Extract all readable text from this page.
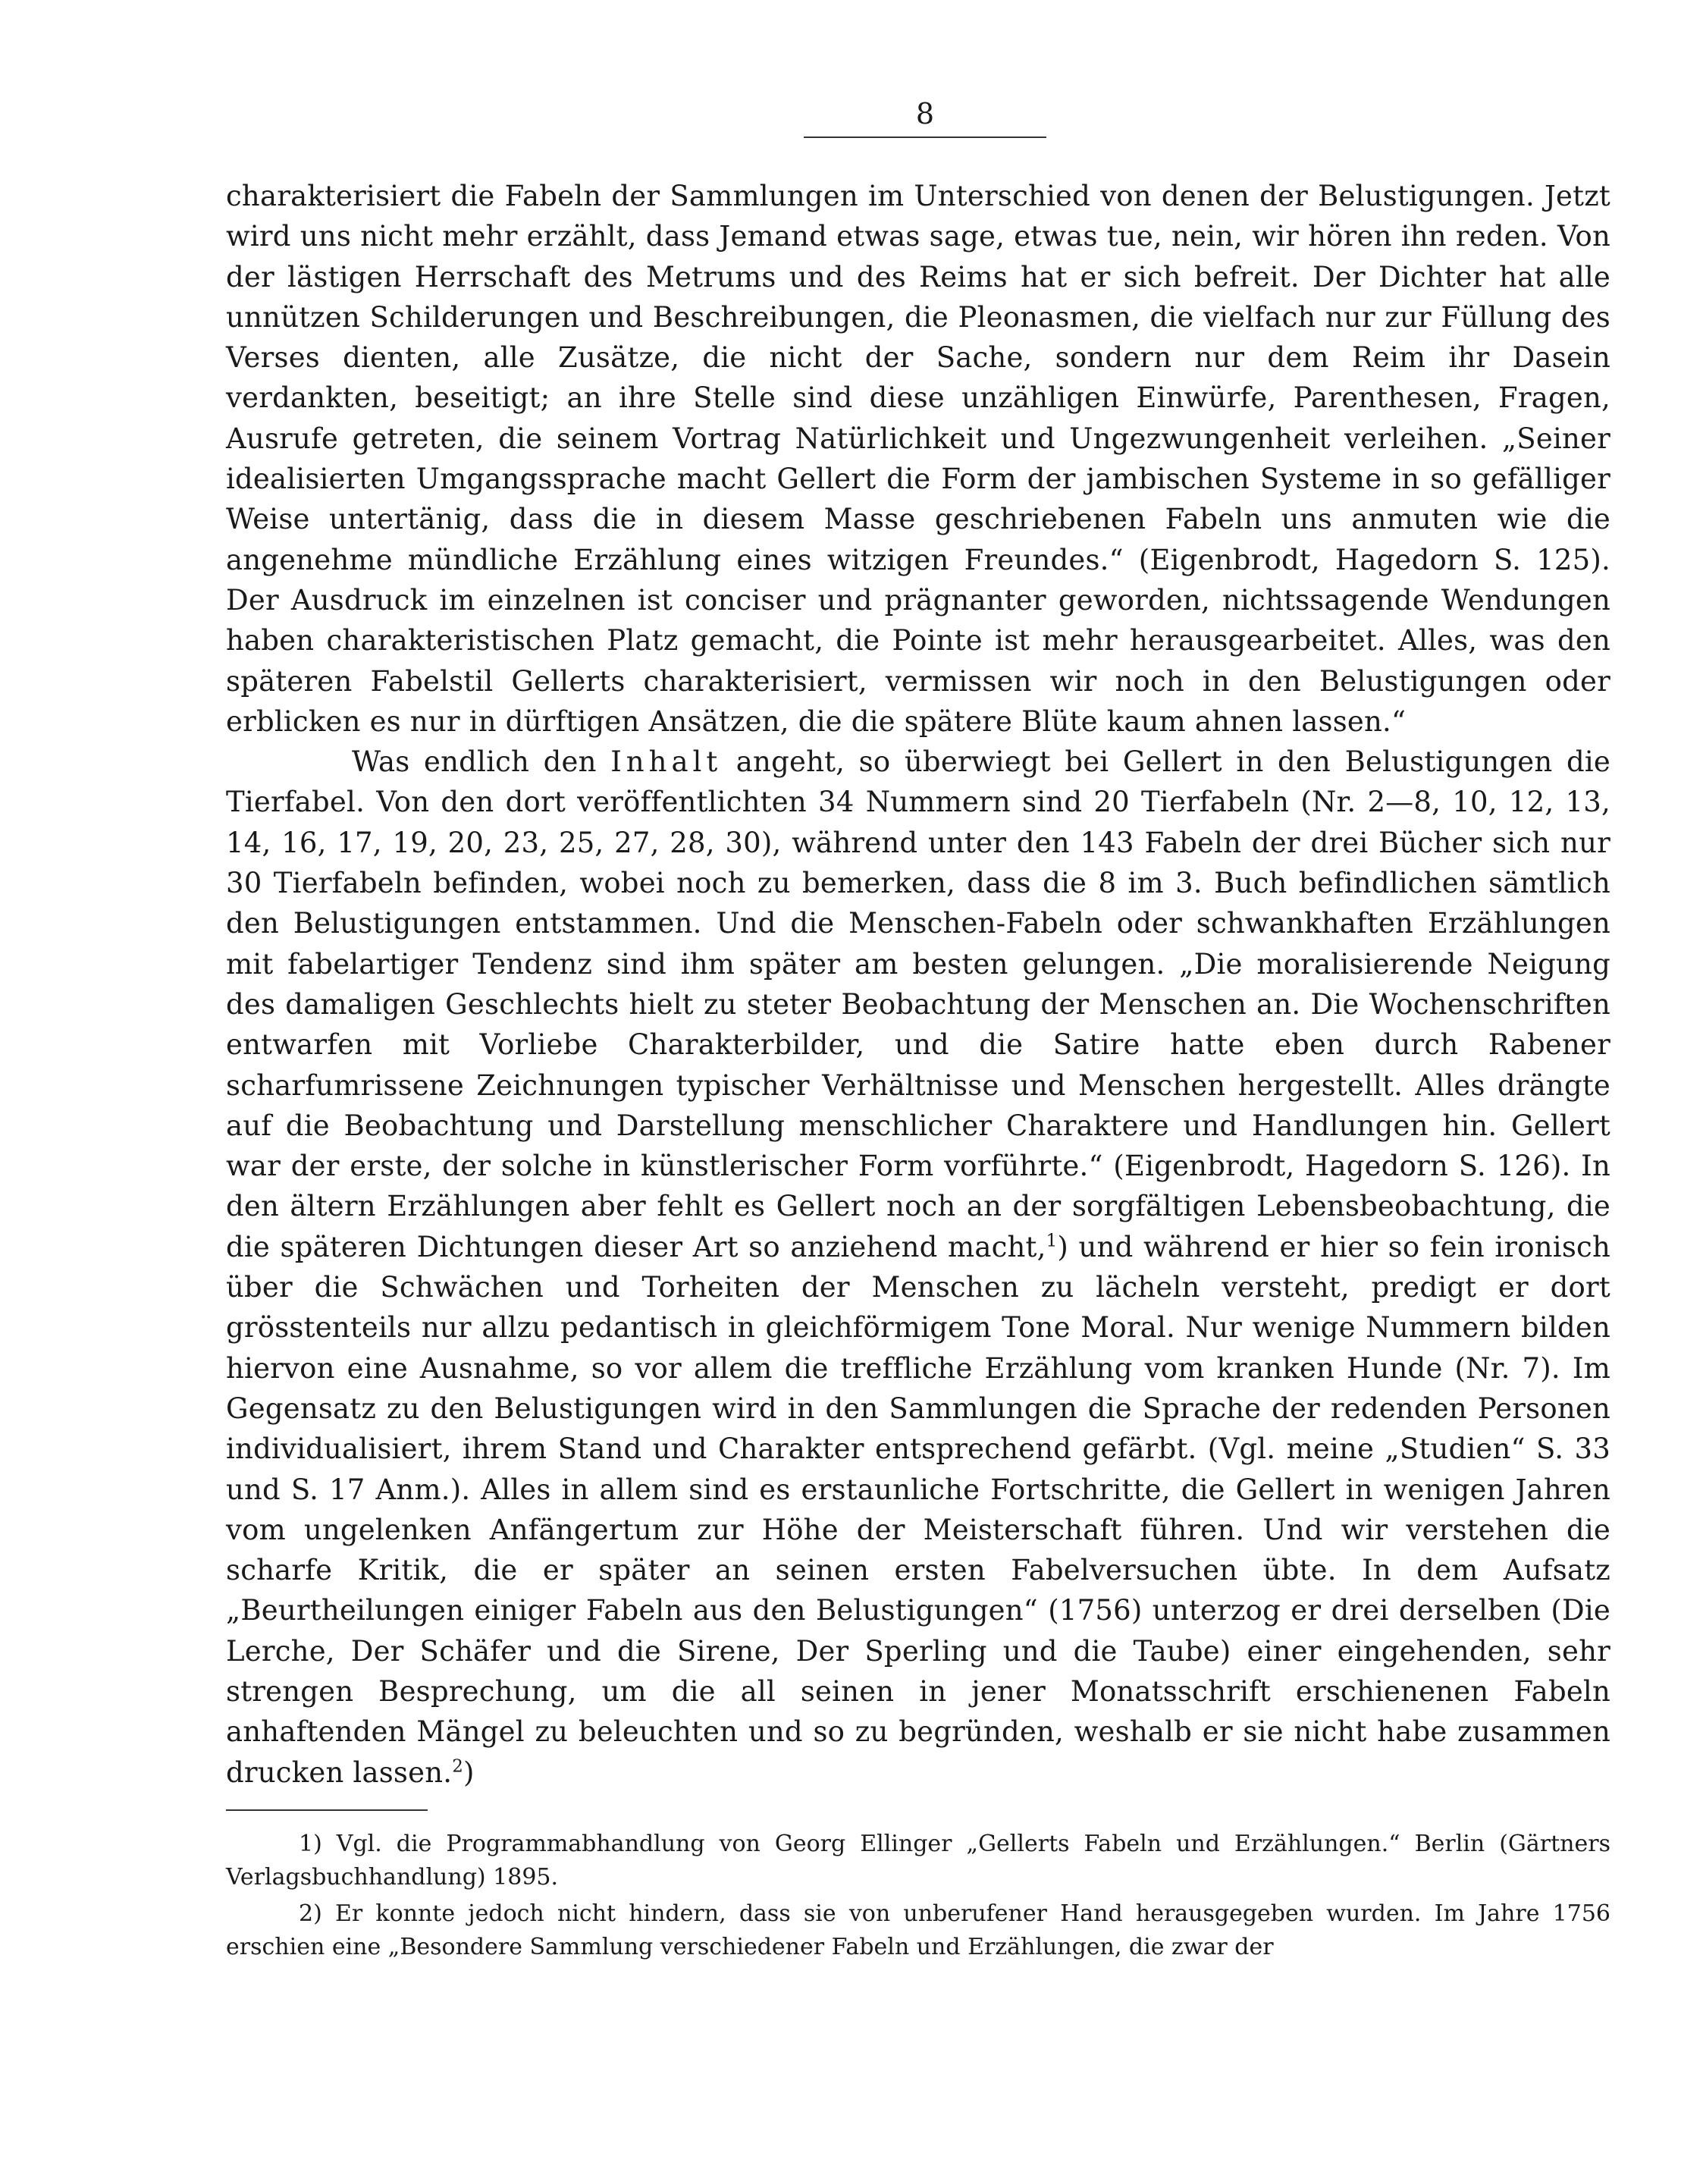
8

charakterisiert die Fabeln der Sammlungen im Unterschied von denen der Belustigungen. Jetzt wird uns nicht mehr erzählt, dass Jemand etwas sage, etwas tue, nein, wir hören ihn reden. Von der lästigen Herrschaft des Metrums und des Reims hat er sich befreit. Der Dichter hat alle unnützen Schilderungen und Beschreibungen, die Pleonasmen, die vielfach nur zur Füllung des Verses dienten, alle Zusätze, die nicht der Sache, sondern nur dem Reim ihr Dasein verdankten, beseitigt; an ihre Stelle sind diese unzähligen Einwürfe, Parenthesen, Fragen, Ausrufe getreten, die seinem Vortrag Natürlichkeit und Ungezwungenheit verleihen. „Seiner idealisierten Umgangssprache macht Gellert die Form der jambischen Systeme in so gefälliger Weise untertänig, dass die in diesem Masse geschriebenen Fabeln uns anmuten wie die angenehme mündliche Erzählung eines witzigen Freundes.“ (Eigenbrodt, Hagedorn S. 125). Der Ausdruck im einzelnen ist conciser und prägnanter geworden, nichtssagende Wendungen haben charakteristischen Platz gemacht, die Pointe ist mehr herausgearbeitet. Alles, was den späteren Fabelstil Gellerts charakterisiert, vermissen wir noch in den Belustigungen oder erblicken es nur in dürftigen Ansätzen, die die spätere Blüte kaum ahnen lassen.“

Was endlich den Inhalt angeht, so überwiegt bei Gellert in den Belustigungen die Tierfabel. Von den dort veröffentlichten 34 Nummern sind 20 Tierfabeln (Nr. 2—8, 10, 12, 13, 14, 16, 17, 19, 20, 23, 25, 27, 28, 30), während unter den 143 Fabeln der drei Bücher sich nur 30 Tierfabeln befinden, wobei noch zu bemerken, dass die 8 im 3. Buch befindlichen sämtlich den Belustigungen entstammen. Und die Menschen-Fabeln oder schwankhaften Erzählungen mit fabelartiger Tendenz sind ihm später am besten gelungen. „Die moralisierende Neigung des damaligen Geschlechts hielt zu steter Beobachtung der Menschen an. Die Wochenschriften entwarfen mit Vorliebe Charakterbilder, und die Satire hatte eben durch Rabener scharfumrissene Zeichnungen typischer Verhältnisse und Menschen hergestellt. Alles drängte auf die Beobachtung und Darstellung menschlicher Charaktere und Handlungen hin. Gellert war der erste, der solche in künstlerischer Form vorführte.“ (Eigenbrodt, Hagedorn S. 126). In den ältern Erzählungen aber fehlt es Gellert noch an der sorgfältigen Lebensbeobachtung, die die späteren Dichtungen dieser Art so anziehend macht,$^1$) und während er hier so fein ironisch über die Schwächen und Torheiten der Menschen zu lächeln versteht, predigt er dort grösstenteils nur allzu pedantisch in gleichförmigem Tone Moral. Nur wenige Nummern bilden hiervon eine Ausnahme, so vor allem die treffliche Erzählung vom kranken Hunde (Nr. 7). Im Gegensatz zu den Belustigungen wird in den Sammlungen die Sprache der redenden Personen individualisiert, ihrem Stand und Charakter entsprechend gefärbt. (Vgl. meine „Studien“ S. 33 und S. 17 Anm.). Alles in allem sind es erstaunliche Fortschritte, die Gellert in wenigen Jahren vom ungelenken Anfängertum zur Höhe der Meisterschaft führen. Und wir verstehen die scharfe Kritik, die er später an seinen ersten Fabelversuchen übte. In dem Aufsatz „Beurtheilungen einiger Fabeln aus den Belustigungen“ (1756) unterzog er drei derselben (Die Lerche, Der Schäfer und die Sirene, Der Sperling und die Taube) einer eingehenden, sehr strengen Besprechung, um die all seinen in jener Monatsschrift erschienenen Fabeln anhaftenden Mängel zu beleuchten und so zu begründen, weshalb er sie nicht habe zusammen drucken lassen.$^2$)

1) Vgl. die Programmabhandlung von Georg Ellinger „Gellerts Fabeln und Erzählungen.“ Berlin (Gärtners Verlagsbuchhandlung) 1895.

2) Er konnte jedoch nicht hindern, dass sie von unberufener Hand herausgegeben wurden. Im Jahre 1756 erschien eine „Besondere Sammlung verschiedener Fabeln und Erzählungen, die zwar der
